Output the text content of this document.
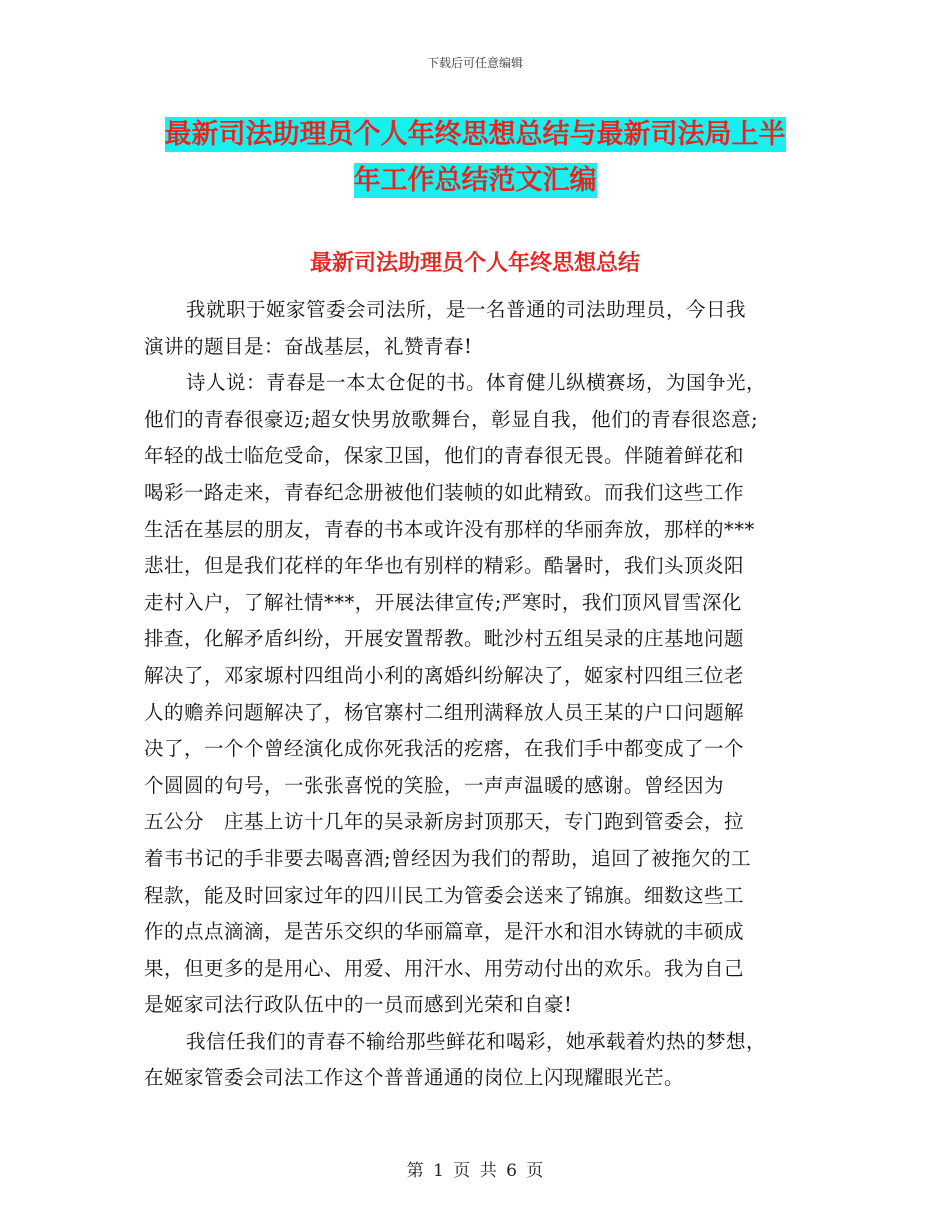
下载后可任意编辑
最新司法助理员个人年终思想总结与最新司法局上半
年工作总结范文汇编
最新司法助理员个人年终思想总结
我就职于姬家管委会司法所，是一名普通的司法助理员，今日我
演讲的题目是：奋战基层，礼赞青春!
诗人说：青春是一本太仓促的书。体育健儿纵横赛场，为国争光，
他们的青春很豪迈;超女快男放歌舞台，彰显自我，他们的青春很恣意;
年轻的战士临危受命，保家卫国，他们的青春很无畏。伴随着鲜花和
喝彩一路走来，青春纪念册被他们装帧的如此精致。而我们这些工作
生活在基层的朋友，青春的书本或许没有那样的华丽奔放，那样的***
悲壮，但是我们花样的年华也有别样的精彩。酷暑时，我们头顶炎阳
走村入户，了解社情***，开展法律宣传;严寒时，我们顶风冒雪深化
排查，化解矛盾纠纷，开展安置帮教。毗沙村五组吴录的庄基地问题
解决了，邓家塬村四组尚小利的离婚纠纷解决了，姬家村四组三位老
人的赡养问题解决了，杨官寨村二组刑满释放人员王某的户口问题解
决了，一个个曾经演化成你死我活的疙瘩，在我们手中都变成了一个
个圆圆的句号，一张张喜悦的笑脸，一声声温暖的感谢。曾经因为
五公分　庄基上访十几年的吴录新房封顶那天，专门跑到管委会，拉
着韦书记的手非要去喝喜酒;曾经因为我们的帮助，追回了被拖欠的工
程款，能及时回家过年的四川民工为管委会送来了锦旗。细数这些工
作的点点滴滴，是苦乐交织的华丽篇章，是汗水和泪水铸就的丰硕成
果，但更多的是用心、用爱、用汗水、用劳动付出的欢乐。我为自己
是姬家司法行政队伍中的一员而感到光荣和自豪!
我信任我们的青春不输给那些鲜花和喝彩，她承载着灼热的梦想，
在姬家管委会司法工作这个普普通通的岗位上闪现耀眼光芒。
第 1 页 共 6 页
